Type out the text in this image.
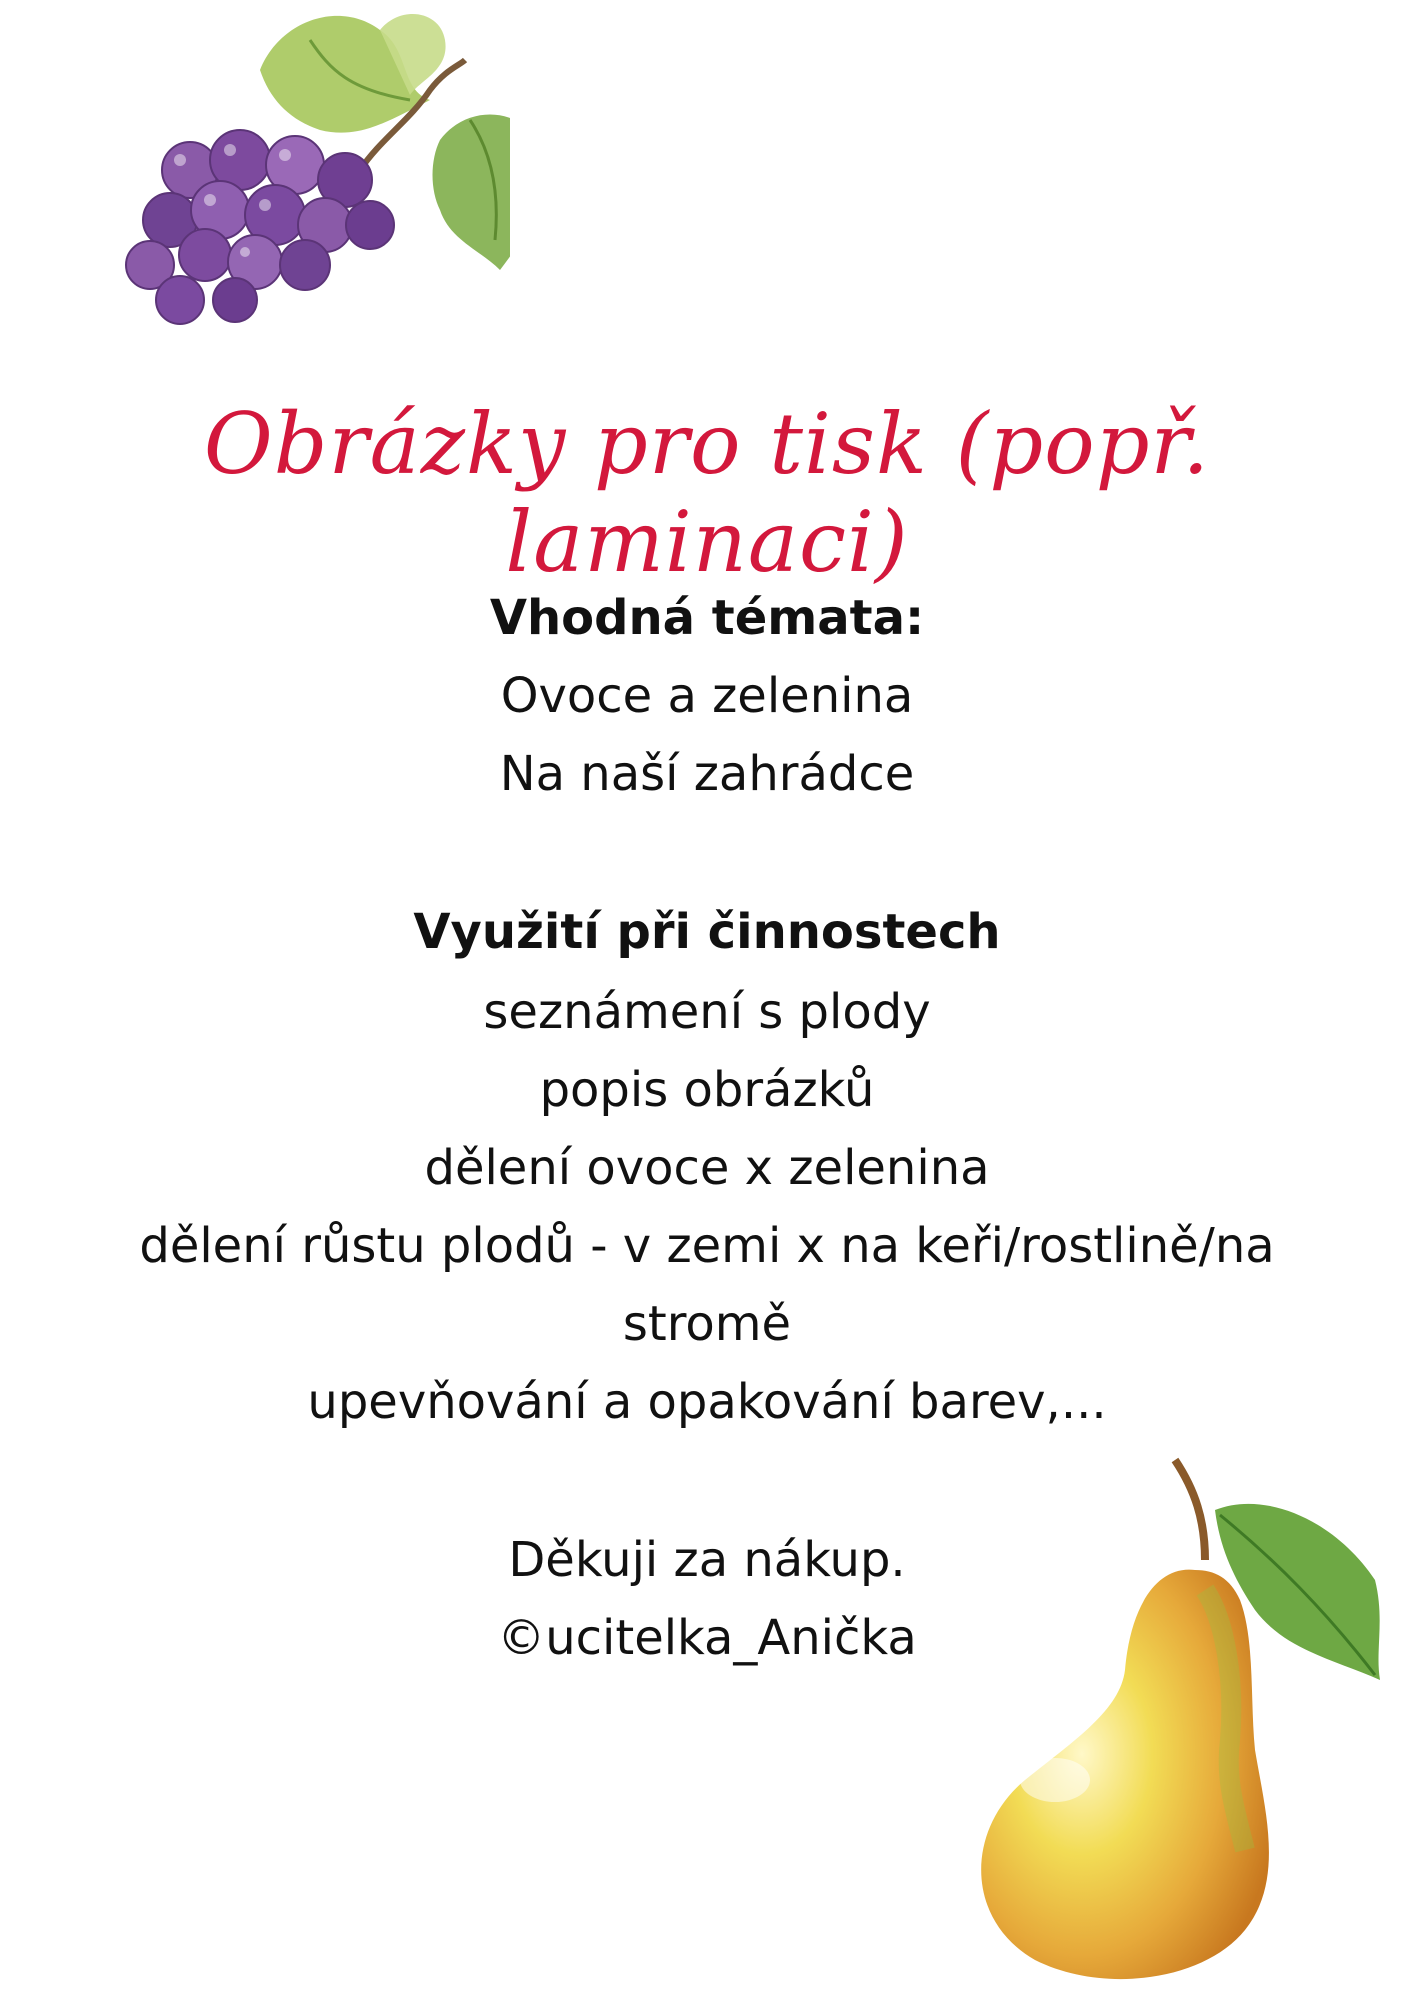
Obrázky pro tisk (popř. laminaci)

Vhodná témata:

Ovoce a zelenina

Na naší zahrádce

Využití při činnostech

seznámení s plody

popis obrázků

dělení ovoce x zelenina

dělení růstu plodů - v zemi x na keři/rostlině/na

stromě

upevňování a opakování barev,...

Děkuji za nákup.

©ucitelka_Anička
